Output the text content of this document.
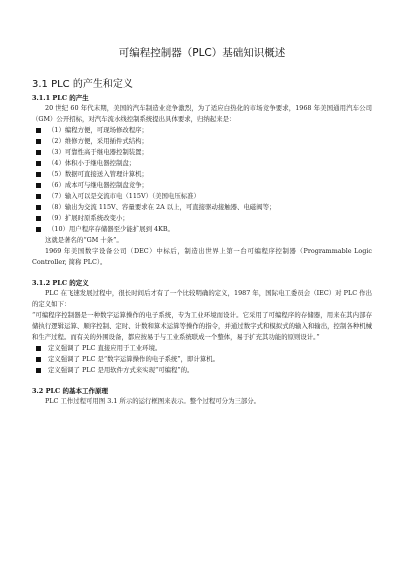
可编程控制器（PLC）基础知识概述
3.1 PLC 的产生和定义
3.1.1 PLC 的产生

20 世纪 60 年代末期，美国的汽车制造业竞争激烈，为了适应白热化的市场竞争要求，1968 年美国通用汽车公司（GM）公开招标，对汽车流水线控制系统提出具体要求，归纳起来是：

（1）编程方便，可现场修改程序；
（2）维修方便，采用插件式结构；
（3）可靠性高于继电器控制装置；
（4）体积小于继电器控制盘；
（5）数据可直接送入管理计算机；
（6）成本可与继电器控制盘竞争；
（7）输入可以是交流市电（115V）（美国电压标准）
（8）输出为交流 115V、容量要求在 2A 以上，可直接驱动接触器、电磁阀等；
（9）扩展时原系统改变小；
（10）用户程序存储器至少能扩展到 4KB。

这就是著名的“GM 十条”。

1969 年美国数字设备公司（DEC）中标后，制造出世界上第一台可编程序控制器（Programmable Logic Controller, 简称 PLC）。

3.1.2 PLC 的定义

PLC 在飞速发展过程中，很长时间后才有了一个比较明确的定义，1987 年，国际电工委员会（IEC）对 PLC 作出的定义如下：

“可编程序控制器是一种数字运算操作的电子系统，专为工业环境而设计。它采用了可编程序的存储器，用来在其内部存储执行逻辑运算、顺序控制、定时、计数和算术运算等操作的指令，并通过数字式和模拟式的输入和输出，控制各种机械和生产过程。而有关的外围设备，都应按易于与工业系统联成一个整体，易于扩充其功能的原则设计。”

定义强调了 PLC 直接应用于工业环境。
定义强调了 PLC 是“数字运算操作的电子系统”，即计算机。
定义强调了 PLC 是用软件方式来实现“可编程”的。
3.2 PLC 的基本工作原理

PLC 工作过程可用图 3.1 所示的运行框图来表示。整个过程可分为三部分。
